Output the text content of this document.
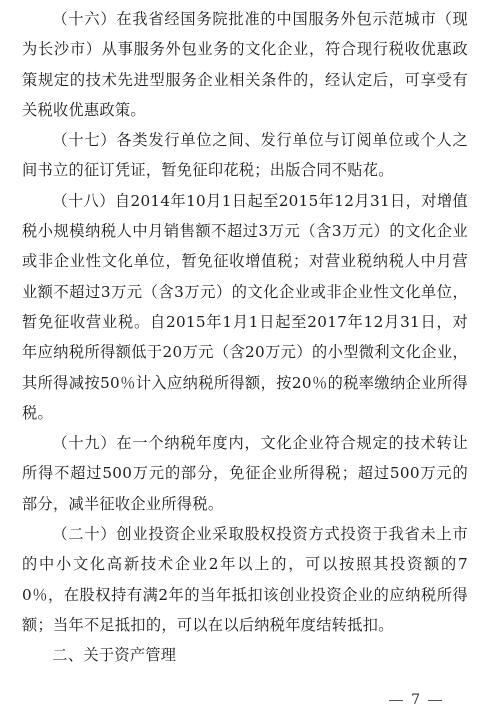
（十六）在我省经国务院批准的中国服务外包示范城市（现为长沙市）从事服务外包业务的文化企业，符合现行税收优惠政策规定的技术先进型服务企业相关条件的，经认定后，可享受有关税收优惠政策。

（十七）各类发行单位之间、发行单位与订阅单位或个人之间书立的征订凭证，暂免征印花税；出版合同不贴花。

（十八）自2014年10月1日起至2015年12月31日，对增值税小规模纳税人中月销售额不超过3万元（含3万元）的文化企业或非企业性文化单位，暂免征收增值税；对营业税纳税人中月营业额不超过3万元（含3万元）的文化企业或非企业性文化单位，暂免征收营业税。自2015年1月1日起至2017年12月31日，对年应纳税所得额低于20万元（含20万元）的小型微利文化企业，其所得减按50％计入应纳税所得额，按20％的税率缴纳企业所得税。

（十九）在一个纳税年度内，文化企业符合规定的技术转让所得不超过500万元的部分，免征企业所得税；超过500万元的部分，减半征收企业所得税。

（二十）创业投资企业采取股权投资方式投资于我省未上市的中小文化高新技术企业2年以上的，可以按照其投资额的70％，在股权持有满2年的当年抵扣该创业投资企业的应纳税所得额；当年不足抵扣的，可以在以后纳税年度结转抵扣。

二、关于资产管理

7
